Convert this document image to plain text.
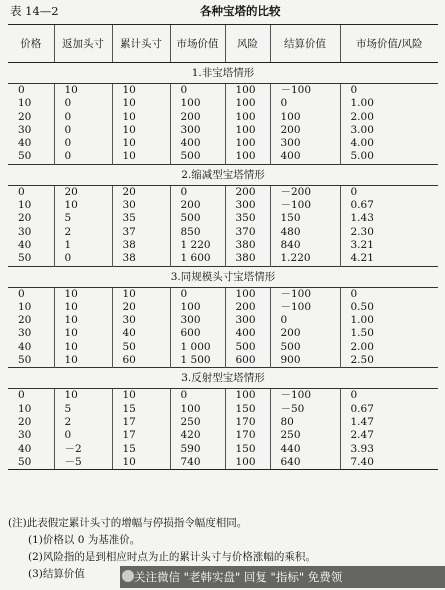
表 14—2	各种宝塔的比较
价格	返加头寸	累计头寸	市场价值	风险	结算价值	市场价值/风险
1.非宝塔情形						
0	10	10	0	100	－100	0
10	0	10	100	100	0	1.00
20	0	10	200	100	100	2.00
30	0	10	300	100	200	3.00
40	0	10	400	100	300	4.00
50	0	10	500	100	400	5.00
2.缩减型宝塔情形						
0	20	20	0	200	－200	0
10	10	30	200	300	－100	0.67
20	5	35	500	350	150	1.43
30	2	37	850	370	480	2.30
40	1	38	1 220	380	840	3.21
50	0	38	1 600	380	1.220	4.21
3.同规模头寸宝塔情形						
0	10	10	0	100	－100	0
10	10	20	100	200	－100	0.50
20	10	30	300	300	0	1.00
30	10	40	600	400	200	1.50
40	10	50	1 000	500	500	2.00
50	10	60	1 500	600	900	2.50
3.反射型宝塔情形						
0	10	10	0	100	－100	0
10	5	15	100	150	－50	0.67
20	2	17	250	170	80	1.47
30	0	17	420	170	250	2.47
40	－2	15	590	150	440	3.93
50	－5	10	740	100	640	7.40
(注)此表假定累计头寸的增幅与停损指令幅度相同。
(1)价格以 0 为基准价。
(2)风险指的是到相应时点为止的累计头寸与价格涨幅的乘积。
(3)结算价值	关注微信 "老韩实盘" 回复 "指标" 免费领
